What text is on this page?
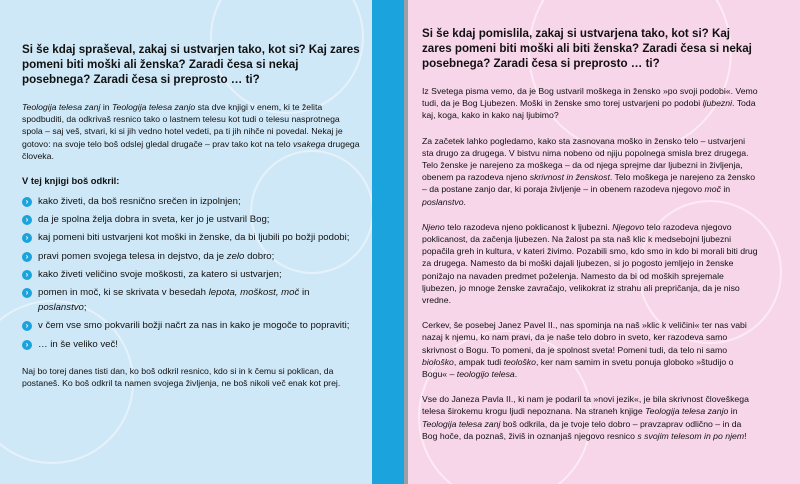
Si še kdaj spraševal, zakaj si ustvarjen tako, kot si? Kaj zares pomeni biti moški ali ženska? Zaradi česa si nekaj posebnega? Zaradi česa si preprosto … ti?

Teologija telesa zanj in Teologija telesa zanjo sta dve knjigi v enem, ki te želita spodbuditi, da odkrivaš resnico tako o lastnem telesu kot tudi o telesu nasprotnega spola – saj veš, stvari, ki si jih vedno hotel vedeti, pa ti jih nihče ni povedal. Nekaj je gotovo: na svoje telo boš odslej gledal drugače – prav tako kot na telo vsakega drugega človeka.

V tej knjigi boš odkril:
›	kako živeti, da boš resnično srečen in izpolnjen;
›	da je spolna želja dobra in sveta, ker jo je ustvaril Bog;
›	kaj pomeni biti ustvarjeni kot moški in ženske, da bi ljubili po božji podobi;
›	pravi pomen svojega telesa in dejstvo, da je zelo dobro;
›	kako živeti veličino svoje moškosti, za katero si ustvarjen;
›	pomen in moč, ki se skrivata v besedah lepota, moškost, moč in poslanstvo;
›	v čem vse smo pokvarili božji načrt za nas in kako je mogoče to popraviti;
›	… in še veliko več!

Naj bo torej danes tisti dan, ko boš odkril resnico, kdo si in k čemu si poklican, da postaneš. Ko boš odkril ta namen svojega življenja, ne boš nikoli več enak kot prej.

Si še kdaj pomislila, zakaj si ustvarjena tako, kot si? Kaj zares pomeni biti moški ali biti ženska? Zaradi česa si nekaj posebnega? Zaradi česa si preprosto … ti?

Iz Svetega pisma vemo, da je Bog ustvaril moškega in žensko »po svoji podobi«. Vemo tudi, da je Bog Ljubezen. Moški in ženske smo torej ustvarjeni po podobi ljubezni. Toda kaj, koga, kako in kako naj ljubimo?

Za začetek lahko pogledamo, kako sta zasnovana moško in žensko telo – ustvarjeni sta drugo za drugega. V bistvu nima nobeno od njiju popolnega smisla brez drugega. Telo ženske je narejeno za moškega – da od njega sprejme dar ljubezni in življenja, obenem pa razodeva njeno skrivnost in ženskost. Telo moškega je narejeno za žensko – da postane zanjo dar, ki poraja življenje – in obenem razodeva njegovo moč in poslanstvo.

Njeno telo razodeva njeno poklicanost k ljubezni. Njegovo telo razodeva njegovo poklicanost, da začenja ljubezen. Na žalost pa sta naš klic k medsebojni ljubezni popačila greh in kultura, v kateri živimo. Pozabili smo, kdo smo in kdo bi morali biti drug za drugega. Namesto da bi moški dajali ljubezen, si jo pogosto jemljejo in ženske ponižajo na navaden predmet poželenja. Namesto da bi od moških sprejemale ljubezen, jo mnoge ženske zavračajo, velikokrat iz strahu ali prepričanja, da je niso vredne.

Cerkev, še posebej Janez Pavel II., nas spominja na naš »klic k veličini« ter nas vabi nazaj k njemu, ko nam pravi, da je naše telo dobro in sveto, ker razodeva samo skrivnost o Bogu. To pomeni, da je spolnost sveta! Pomeni tudi, da telo ni samo biološko, ampak tudi teološko, ker nam samim in svetu ponuja globoko »študijo o Bogu« – teologijo telesa.

Vse do Janeza Pavla II., ki nam je podaril ta »novi jezik«, je bila skrivnost človeškega telesa širokemu krogu ljudi nepoznana. Na straneh knjige Teologija telesa zanjo in Teologija telesa zanj boš odkrila, da je tvoje telo dobro – pravzaprav odlično – in da Bog hoče, da poznaš, živiš in oznanjaš njegovo resnico s svojim telesom in po njem!
